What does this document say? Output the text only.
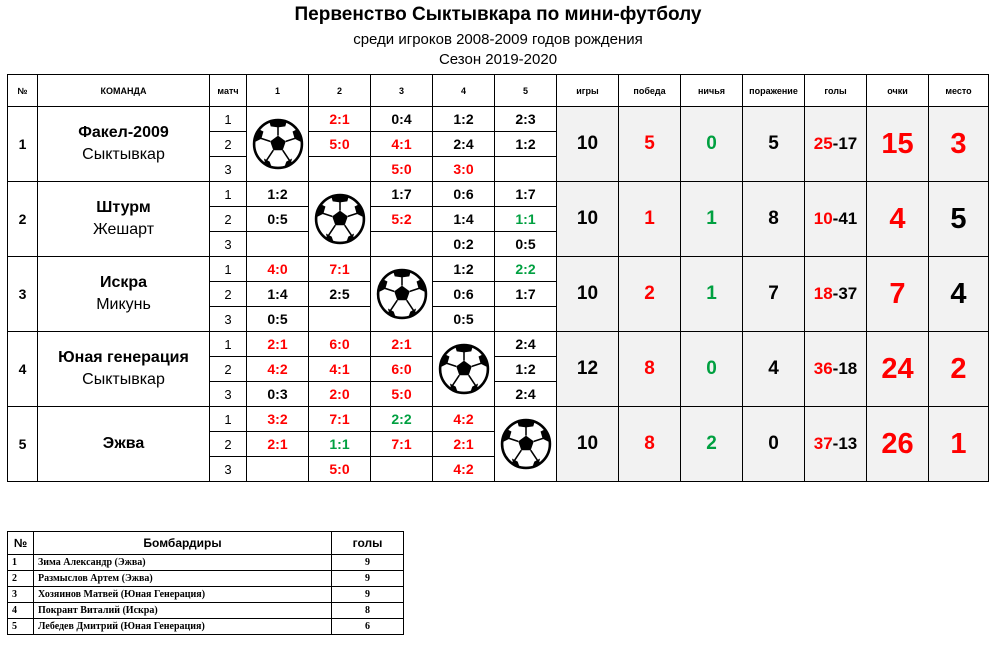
Первенство Сыктывкара по мини-футболу
среди игроков 2008-2009 годов рождения
Сезон 2019-2020
№	КОМАНДА	матч	1	2	3	4	5	игры	победа	ничья	поражение	голы	очки	место
1	Факел-2009
Сыктывкар	1		2:1	0:4	1:2	2:3	10	5	0	5	25-17	15	3
		2		5:0	4:1	2:4	1:2							
		3			5:0	3:0								
2	Штурм
Жешарт	1	1:2		1:7	0:6	1:7	10	1	1	8	10-41	4	5
		2	0:5		5:2	1:4	1:1							
		3				0:2	0:5							
3	Искра
Микунь	1	4:0	7:1		1:2	2:2	10	2	1	7	18-37	7	4
		2	1:4	2:5		0:6	1:7							
		3	0:5			0:5								
4	Юная генерация
Сыктывкар	1	2:1	6:0	2:1		2:4	12	8	0	4	36-18	24	2
		2	4:2	4:1	6:0		1:2							
		3	0:3	2:0	5:0		2:4							
5	Эжва	1	3:2	7:1	2:2	4:2		10	8	2	0	37-13	26	1
		2	2:1	1:1	7:1	2:1								
		3		5:0		4:2								
№	Бомбардиры	голы
1	Зима Александр (Эжва)	9
2	Размыслов Артем (Эжва)	9
3	Хозяинов Матвей (Юная Генерация)	9
4	Покрант Виталий (Искра)	8
5	Лебедев Дмитрий (Юная Генерация)	6
